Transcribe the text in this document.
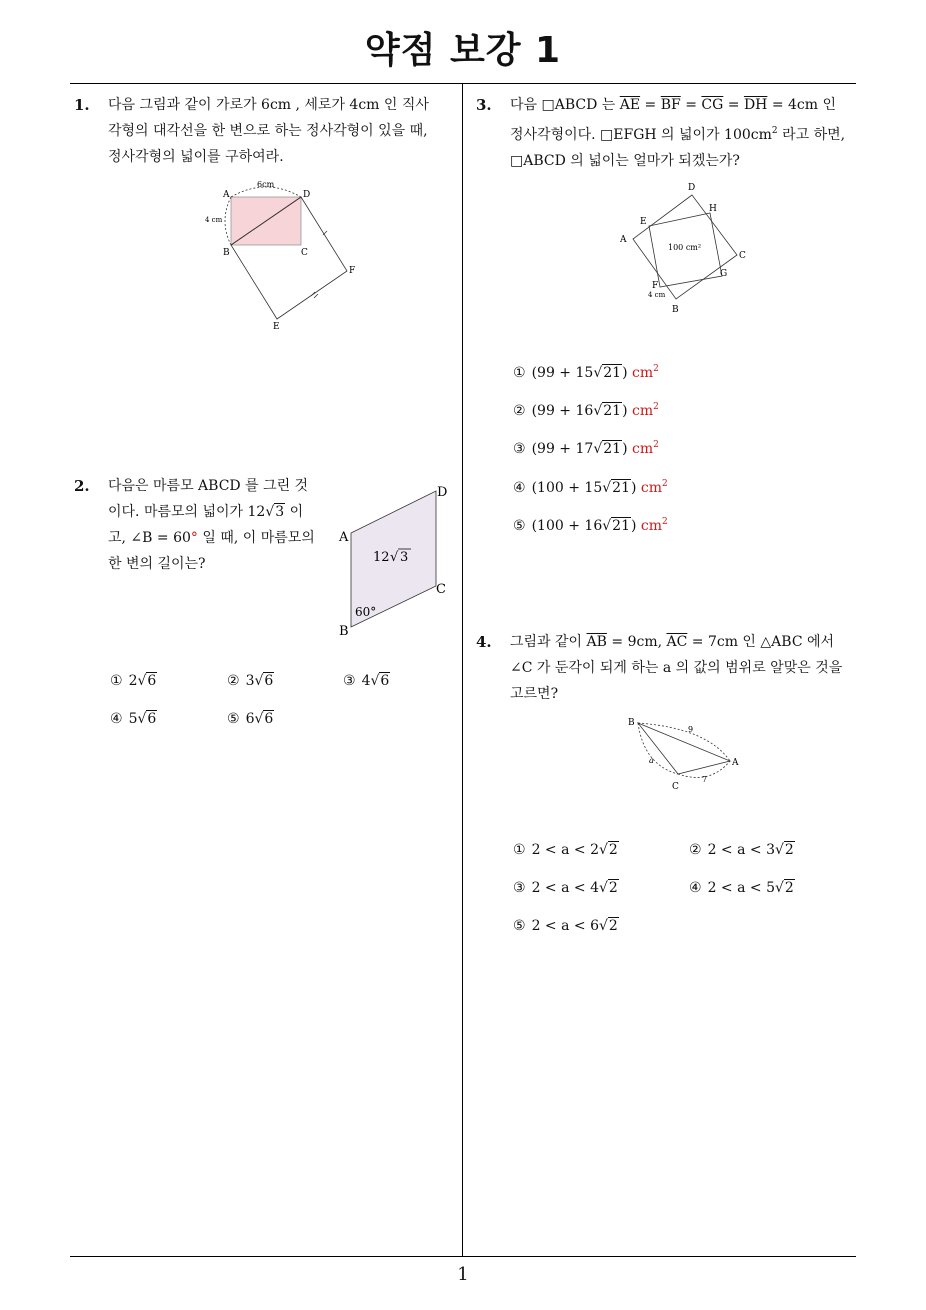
약점 보강 1
1
1. 다음 그림과 같이 가로가 6cm , 세로가 4cm 인 직사
각형의 대각선을 한 변으로 하는 정사각형이 있을 때,
정사각형의 넓이를 구하여라.
A
B	C
D
E
F
6cm
4 cm
2. 다음은 마름모 ABCD 를 그린 것
이다. 마름모의 넓이가 12√3 이
고, ∠B = 60° 일 때, 이 마름모의
한 변의 길이는?
D
A
C
B
12 √ 3
60°
① 2√6	② 3√6	③ 4√6
④ 5√6	⑤ 6√6
3. 다음 □ABCD 는 $\overline{AE} = \overline{BF} = \overline{CG} = \overline{DH} = 4cm$ 인
정사각형이다. □EFGH 의 넓이가 $100cm^2$ 라고 하면,
□ABCD 의 넓이는 얼마가 되겠는가?
D
A
B
C
E
H
G
F
100 cm²
4 cm
① (99 + 15√21) $cm^2$
② (99 + 16√21) $cm^2$
③ (99 + 17√21) $cm^2$
④ (100 + 15√21) $cm^2$
⑤ (100 + 16√21) $cm^2$
4. 그림과 같이 $\overline{AB} = 9cm$, $\overline{AC} = 7cm$ 인 △ABC 에서
∠C 가 둔각이 되게 하는 a 의 값의 범위로 알맞은 것을
고르면?
B
A
C
9
a
7
① 2 < a < 2√2	② 2 < a < 3√2
③ 2 < a < 4√2	④ 2 < a < 5√2
⑤ 2 < a < 6√2
